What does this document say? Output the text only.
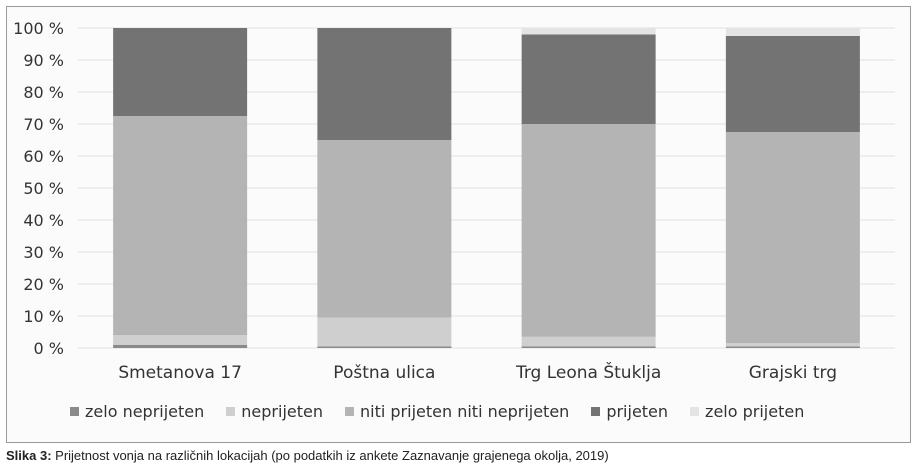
0 %
10 %
20 %
30 %
40 %
50 %
60 %
70 %
80 %
90 %
100 %
Smetanova 17	Poštna ulica	Trg Leona Štuklja	Grajski trg
zelo neprijeten neprijeten niti prijeten niti neprijeten prijeten zelo prijeten
Slika 3: Prijetnost vonja na različnih lokacijah (po podatkih iz ankete Zaznavanje grajenega okolja, 2019)
